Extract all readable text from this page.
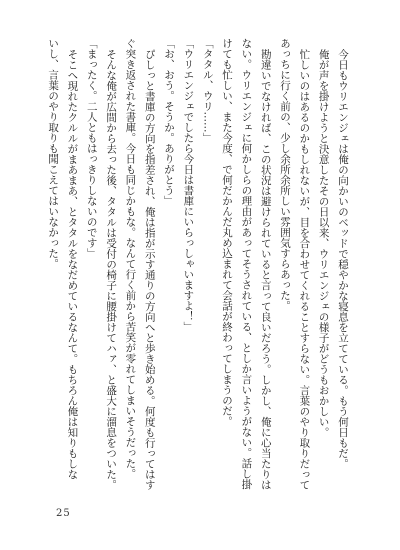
今日もウリエンジェは俺の向かいのベッドで穏やかな寝息を立てている。もう何日もだ。
俺が声を掛けようと決意したその日以来、ウリエンジェの様子がどうもおかしい。
忙しいのはあるのかもしれないが、目を合わせてくれることすらない。言葉のやり取りだって
あっちに行く前の、少し余所余所しい雰囲気すらあった。
勘違いでなければ、この状況は避けられていると言って良いだろう。しかし、俺に心当たりは
ない。ウリエンジェに何かしらの理由があってそうされている、としか言いようがない。話し掛
けても忙しい、また今度、で何だかんだ丸め込まれて会話が終わってしまうのだ。
「タタル、ウリ……」
「ウリエンジェでしたら今日は書庫にいらっしゃいますよ！」
「お、おう。そうか。ありがとう」
ぴしっと書庫の方向を指差され、俺は指が示す通りの方向へと歩き始める。何度も行ってはす
ぐ突き返された書庫。今日も同じかもな。なんて行く前から苦笑が零れてしまいそうだった。
そんな俺が広間から去った後、タタルは受付の椅子に腰掛けてハァ、と盛大に溜息をついた。
「まったく。二人ともはっきりしないのです」
そこへ現れたクルルがまあまあ、とタタルをなだめているなんて。もちろん俺は知りもしな
いし、言葉のやり取りも聞こえてはいなかった。
25
